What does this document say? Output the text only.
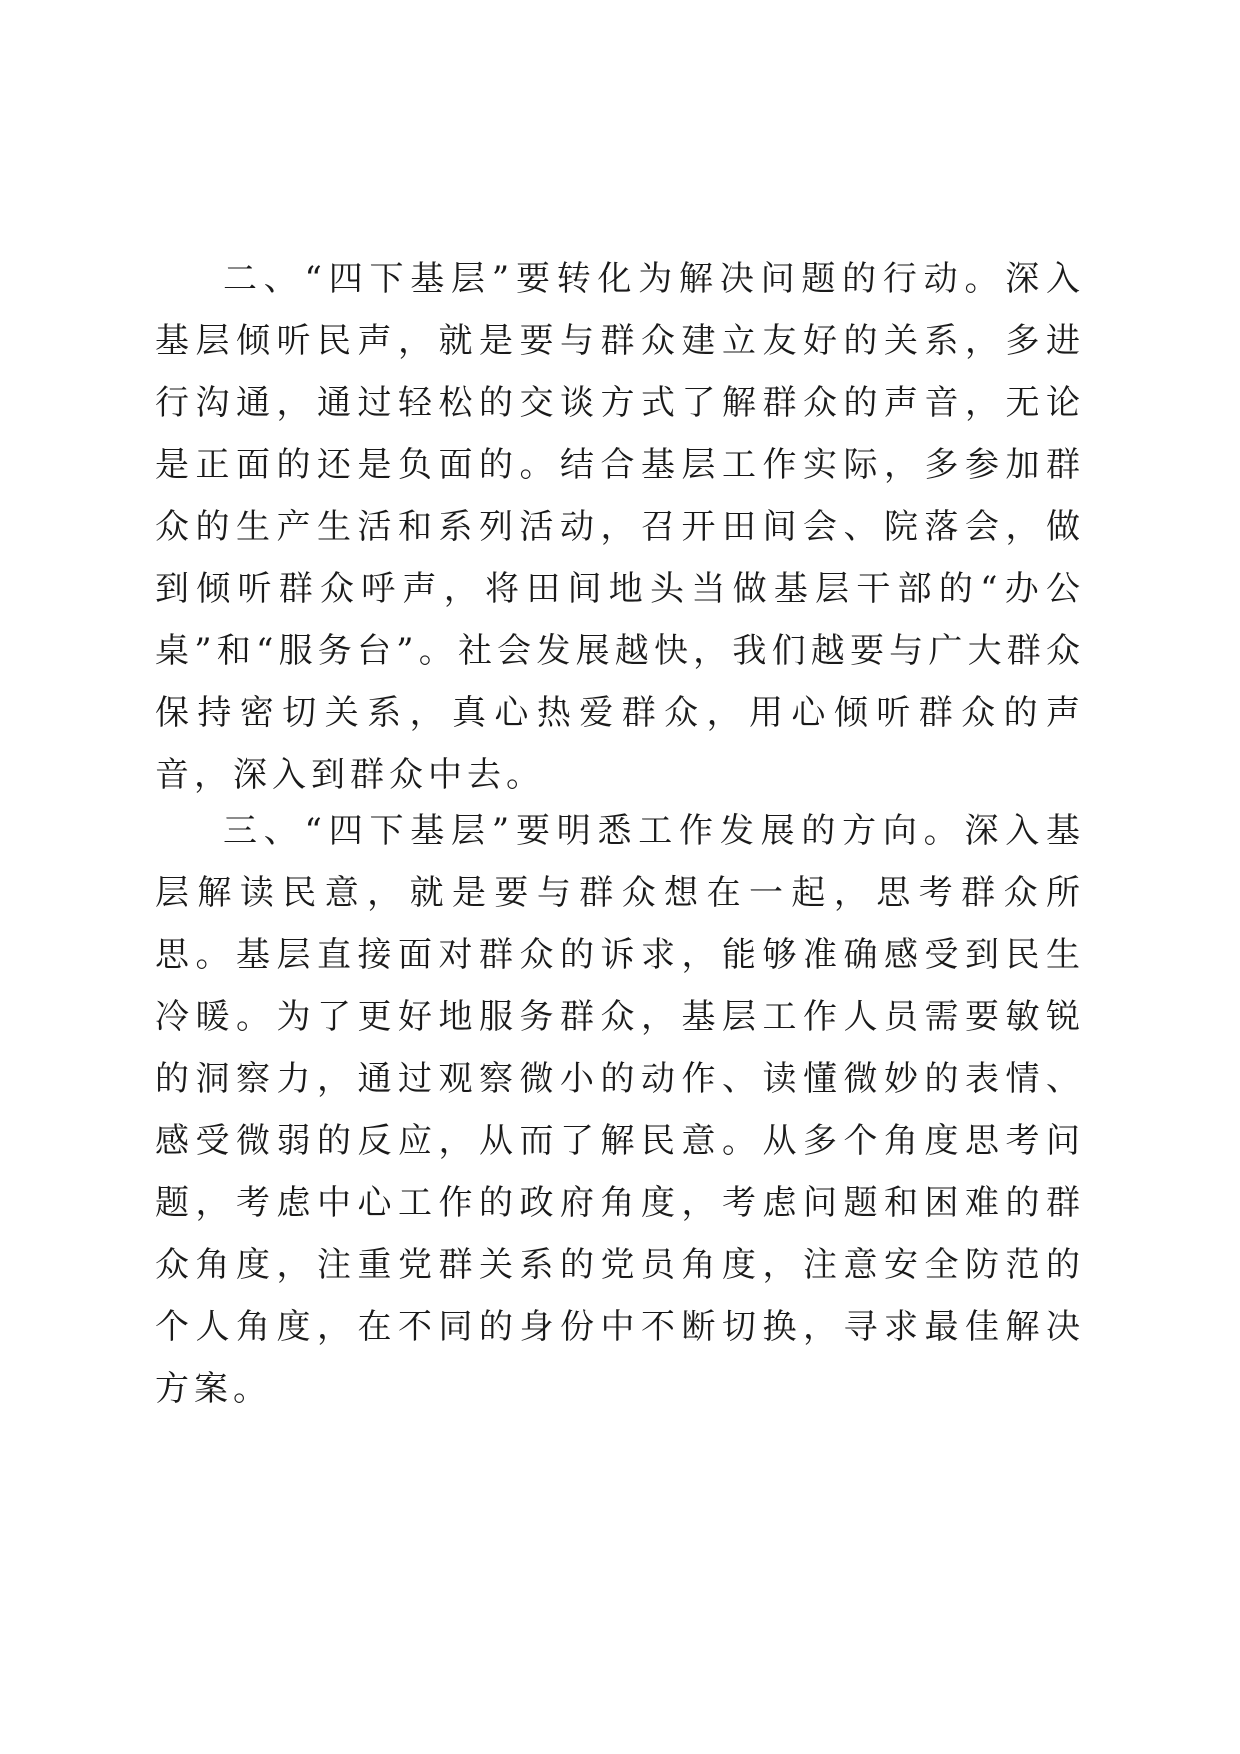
二、“四下基层”要转化为解决问题的行动。深入基层倾听民声，就是要与群众建立友好的关系，多进行沟通，通过轻松的交谈方式了解群众的声音，无论是正面的还是负面的。结合基层工作实际，多参加群众的生产生活和系列活动，召开田间会、院落会，做到倾听群众呼声，将田间地头当做基层干部的“办公桌”和“服务台”。社会发展越快，我们越要与广大群众保持密切关系，真心热爱群众，用心倾听群众的声音，深入到群众中去。

三、“四下基层”要明悉工作发展的方向。深入基层解读民意，就是要与群众想在一起，思考群众所思。基层直接面对群众的诉求，能够准确感受到民生冷暖。为了更好地服务群众，基层工作人员需要敏锐的洞察力，通过观察微小的动作、读懂微妙的表情、感受微弱的反应，从而了解民意。从多个角度思考问题，考虑中心工作的政府角度，考虑问题和困难的群众角度，注重党群关系的党员角度，注意安全防范的个人角度，在不同的身份中不断切换，寻求最佳解决方案。
